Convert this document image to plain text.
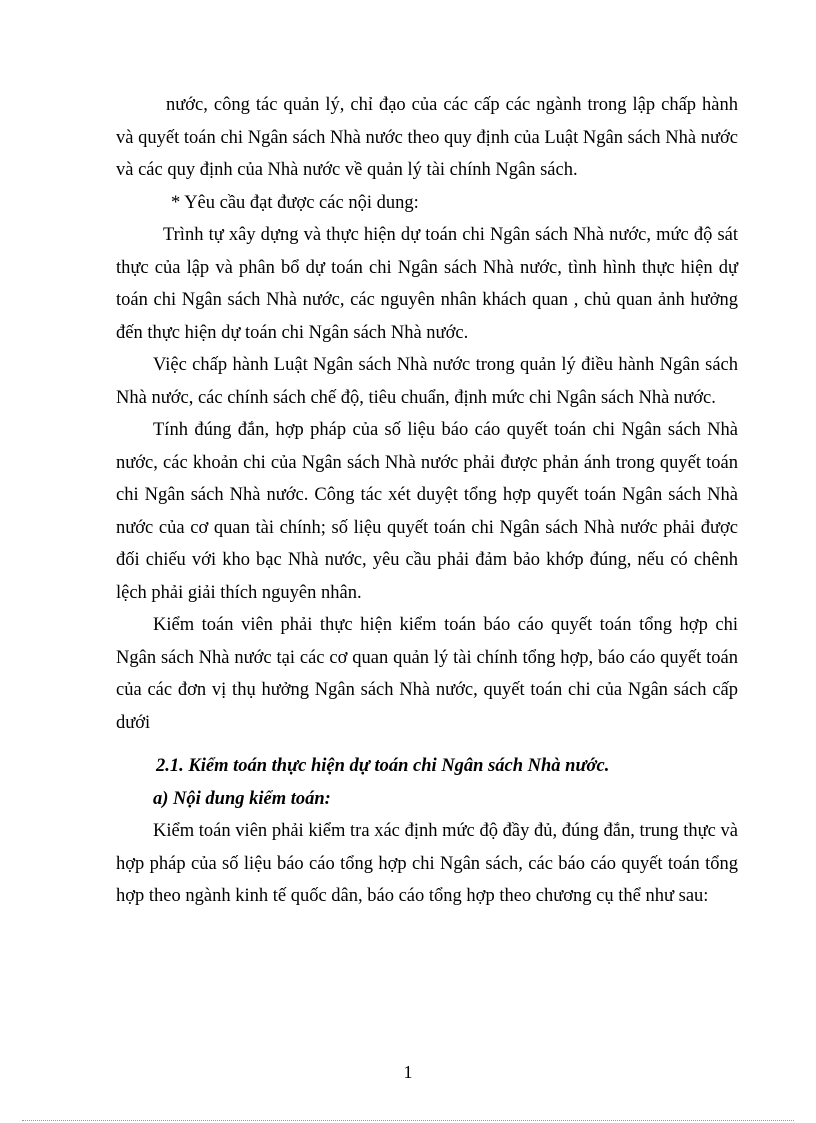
nước, công tác quản lý, chỉ đạo của các cấp các ngành trong lập chấp hành và quyết toán chi Ngân sách Nhà nước theo quy định của Luật Ngân sách Nhà nước và các quy định của Nhà nước về quản lý tài chính Ngân sách.

* Yêu cầu đạt được các nội dung:

Trình tự xây dựng và thực hiện dự toán chi Ngân sách Nhà nước, mức độ sát thực của lập và phân bổ dự toán chi Ngân sách Nhà nước, tình hình thực hiện dự toán chi Ngân sách Nhà nước, các nguyên nhân khách quan , chủ quan ảnh hưởng đến thực hiện dự toán chi Ngân sách Nhà nước.

Việc chấp hành Luật Ngân sách Nhà nước trong quản lý điều hành Ngân sách Nhà nước, các chính sách chế độ, tiêu chuẩn, định mức chi Ngân sách Nhà nước.

Tính đúng đắn, hợp pháp của số liệu báo cáo quyết toán chi Ngân sách Nhà nước, các khoản chi của Ngân sách Nhà nước phải được phản ánh trong quyết toán chi Ngân sách Nhà nước. Công tác xét duyệt tổng hợp quyết toán Ngân sách Nhà nước của cơ quan tài chính; số liệu quyết toán chi Ngân sách Nhà nước phải được đối chiếu với kho bạc Nhà nước, yêu cầu phải đảm bảo khớp đúng, nếu có chênh lệch phải giải thích nguyên nhân.

Kiểm toán viên phải thực hiện kiểm toán báo cáo quyết toán tổng hợp chi Ngân sách Nhà nước tại các cơ quan quản lý tài chính tổng hợp, báo cáo quyết toán của các đơn vị thụ hưởng Ngân sách Nhà nước, quyết toán chi của Ngân sách cấp dưới

2.1. Kiểm toán thực hiện dự toán chi Ngân sách Nhà nước.
a) Nội dung kiểm toán:

Kiểm toán viên phải kiểm tra xác định mức độ đầy đủ, đúng đắn, trung thực và hợp pháp của số liệu báo cáo tổng hợp chi Ngân sách, các báo cáo quyết toán tổng hợp theo ngành kinh tế quốc dân, báo cáo tổng hợp theo chương cụ thể như sau:

1
